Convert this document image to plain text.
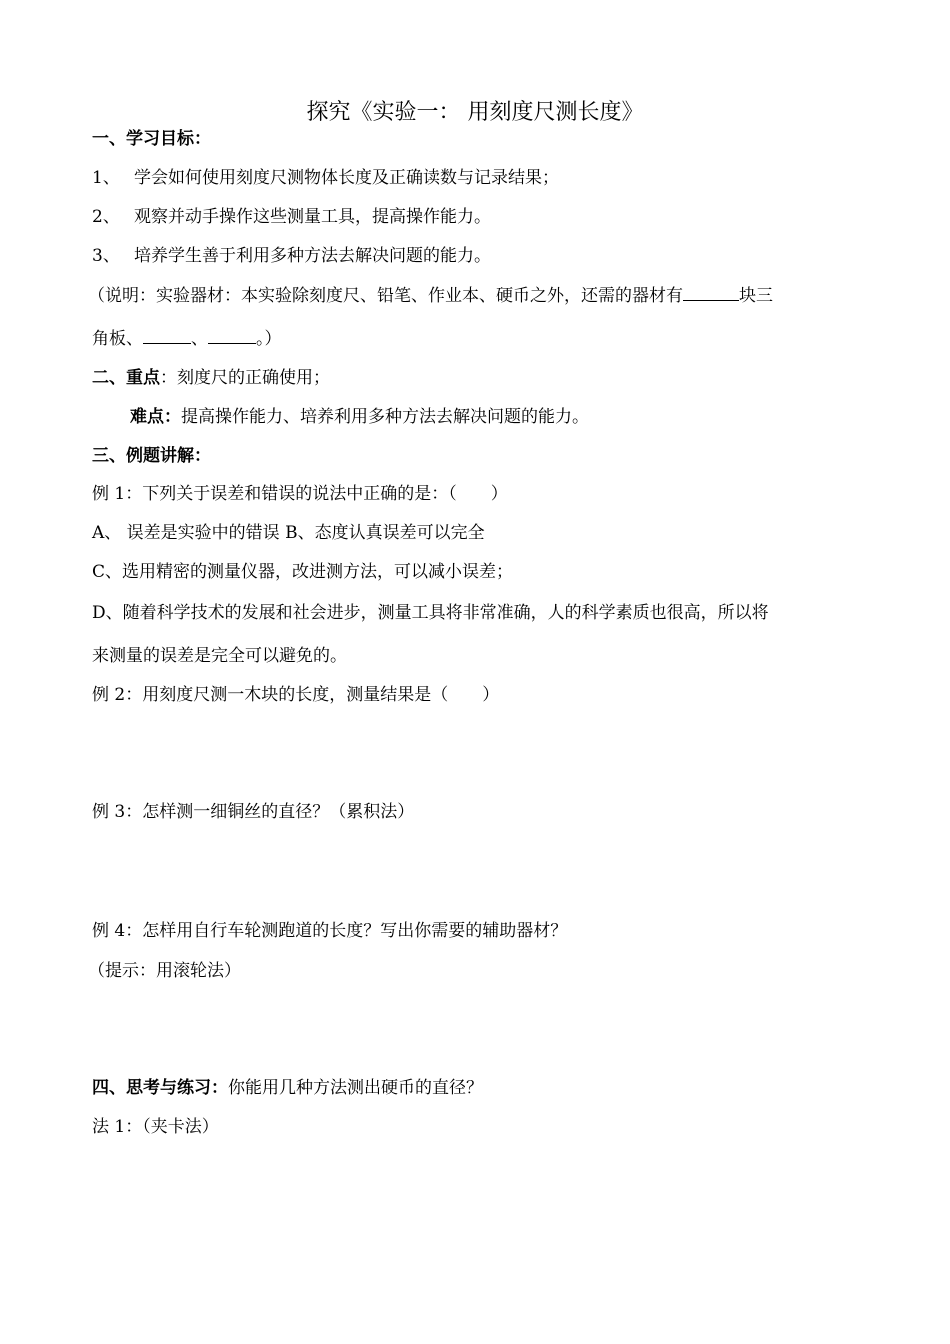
探究《实验一： 用刻度尺测长度》
一、学习目标：
1、 学会如何使用刻度尺测物体长度及正确读数与记录结果；
2、 观察并动手操作这些测量工具，提高操作能力。
3、 培养学生善于利用多种方法去解决问题的能力。
（说明：实验器材：本实验除刻度尺、铅笔、作业本、硬币之外，还需的器材有	块三
角板、	、	。）
二、重点：刻度尺的正确使用；
难点：提高操作能力、培养利用多种方法去解决问题的能力。
三、例题讲解：
例 1：下列关于误差和错误的说法中正确的是：（　　）
A、 误差是实验中的错误 B、态度认真误差可以完全
C、选用精密的测量仪器，改进测方法，可以减小误差；
D、随着科学技术的发展和社会进步，测量工具将非常准确，人的科学素质也很高，所以将
来测量的误差是完全可以避免的。
例 2：用刻度尺测一木块的长度，测量结果是（　　）
例 3：怎样测一细铜丝的直径？（累积法）
例 4：怎样用自行车轮测跑道的长度？写出你需要的辅助器材？
（提示：用滚轮法）
四、思考与练习：你能用几种方法测出硬币的直径？
法 1：（夹卡法）
